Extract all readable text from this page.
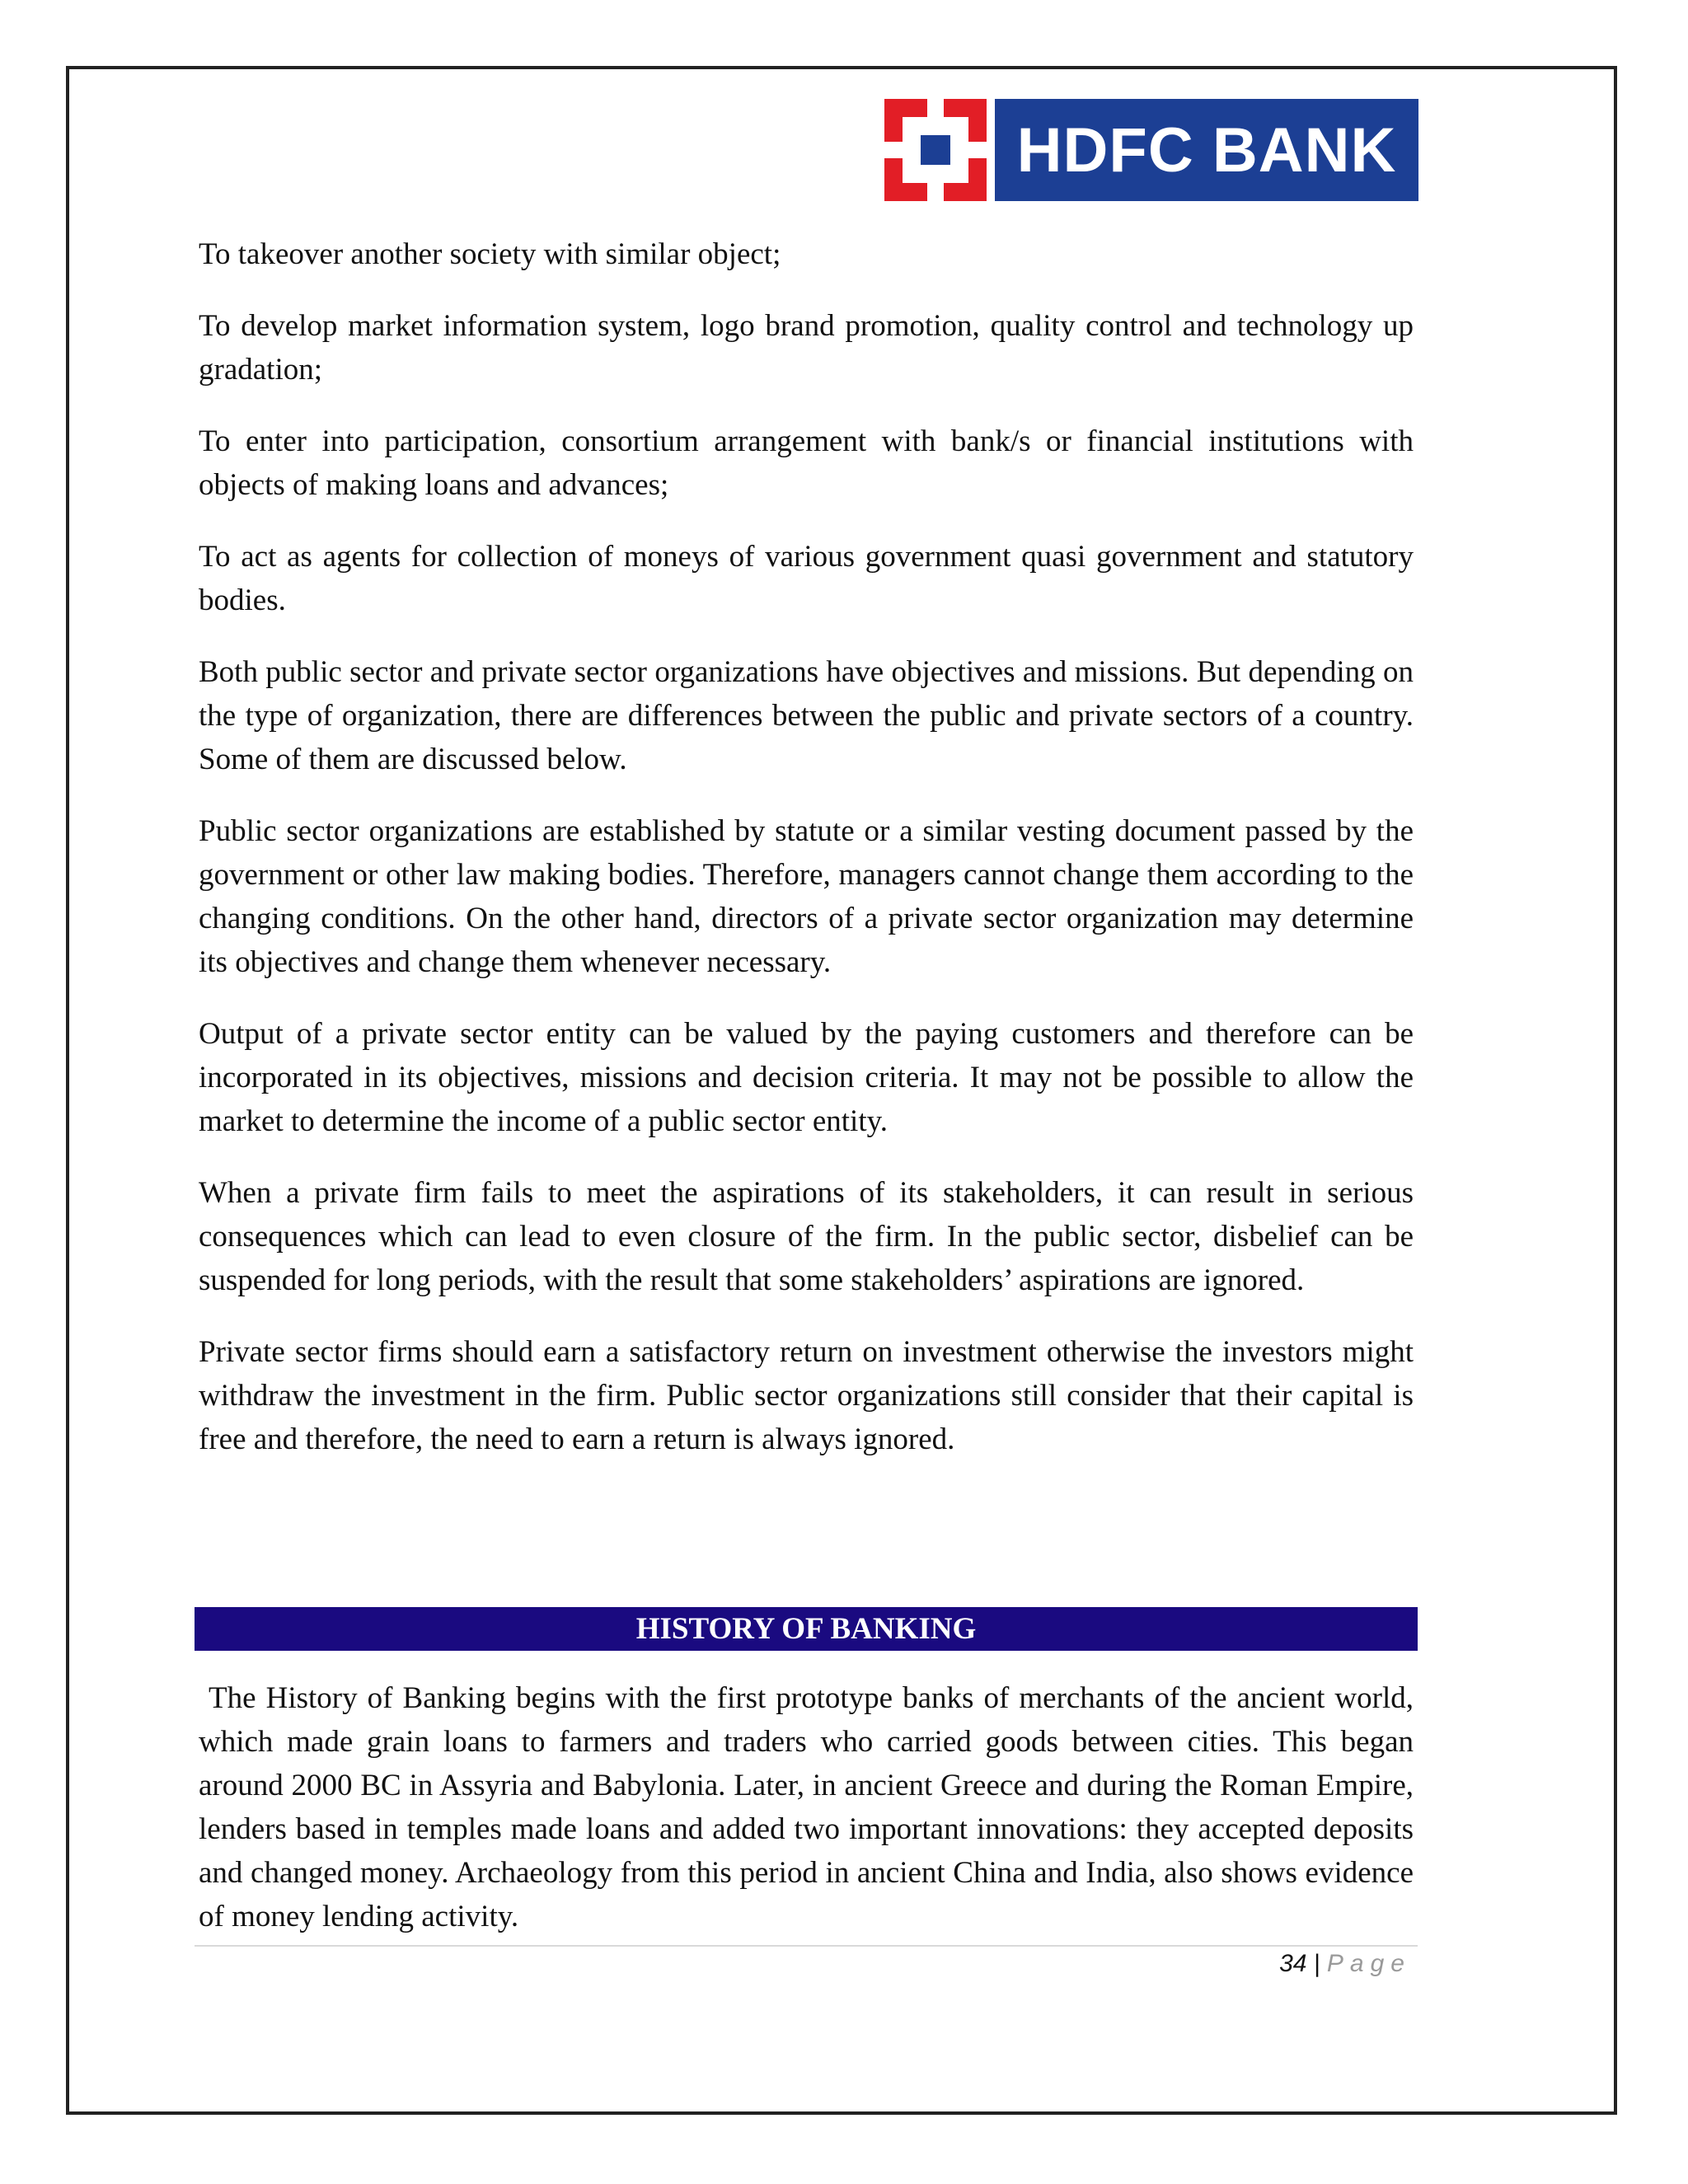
HDFC BANK

To takeover another society with similar object;

To develop market information system, logo brand promotion, quality control and technology up gradation;

To enter into participation, consortium arrangement with bank/s or financial institutions with objects of making loans and advances;

To act as agents for collection of moneys of various government quasi government and statutory bodies.

Both public sector and private sector organizations have objectives and missions. But depending on the type of organization, there are differences between the public and private sectors of a country. Some of them are discussed below.

Public sector organizations are established by statute or a similar vesting document passed by the government or other law making bodies. Therefore, managers cannot change them according to the changing conditions. On the other hand, directors of a private sector organization may determine its objectives and change them whenever necessary.

Output of a private sector entity can be valued by the paying customers and therefore can be incorporated in its objectives, missions and decision criteria. It may not be possible to allow the market to determine the income of a public sector entity.

When a private firm fails to meet the aspirations of its stakeholders, it can result in serious consequences which can lead to even closure of the firm. In the public sector, disbelief can be suspended for long periods, with the result that some stakeholders’ aspirations are ignored.

Private sector firms should earn a satisfactory return on investment otherwise the investors might withdraw the investment in the firm. Public sector organizations still consider that their capital is free and therefore, the need to earn a return is always ignored.

HISTORY OF BANKING

The History of Banking begins with the first prototype banks of merchants of the ancient world, which made grain loans to farmers and traders who carried goods between cities. This began around 2000 BC in Assyria and Babylonia. Later, in ancient Greece and during the Roman Empire, lenders based in temples made loans and added two important innovations: they accepted deposits and changed money. Archaeology from this period in ancient China and India, also shows evidence of money lending activity.

34 | Page
